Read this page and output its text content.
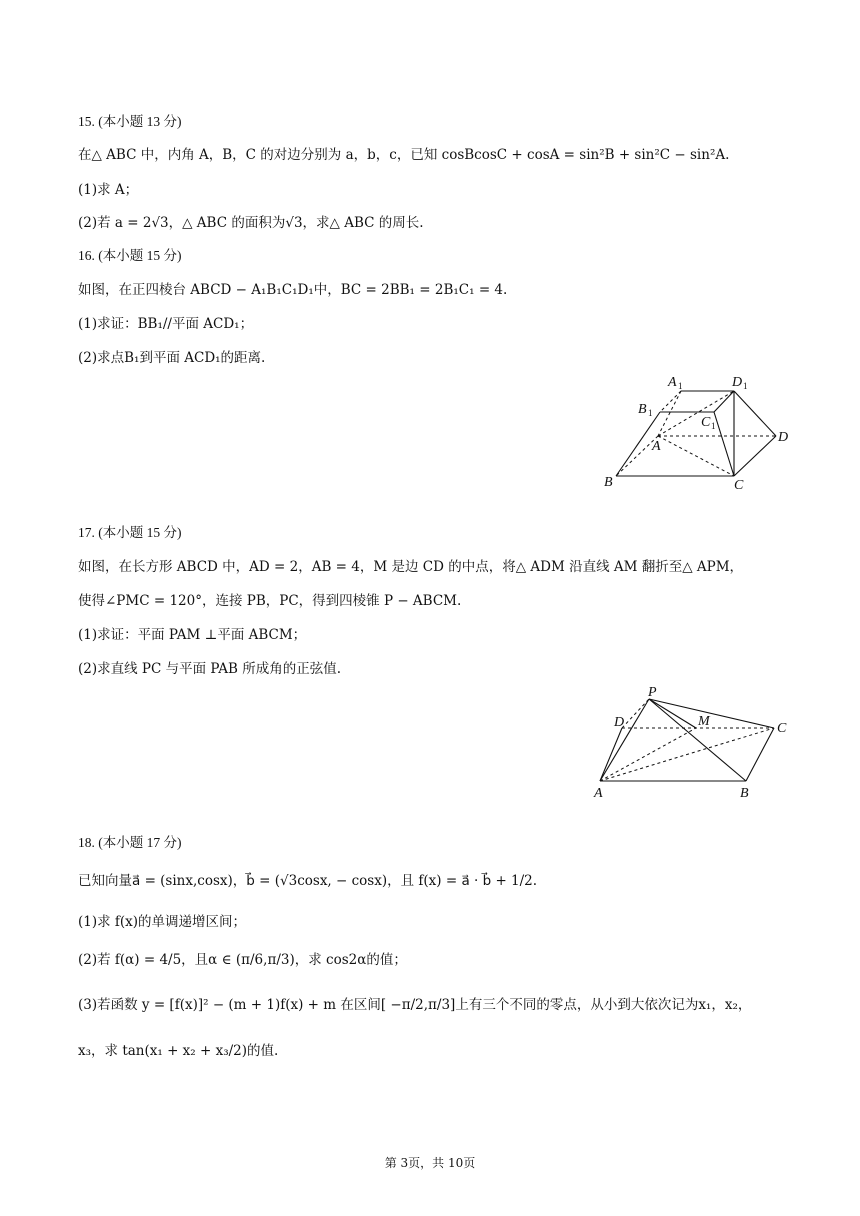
15. (本小题 13 分)
在△ ABC 中，内角 A，B，C 的对边分别为 a，b，c，已知 cosBcosC + cosA = sin²B + sin²C − sin²A.
(1)求 A；
(2)若 a = 2√3，△ ABC 的面积为√3，求△ ABC 的周长.
16. (本小题 15 分)
如图，在正四棱台 ABCD − A₁B₁C₁D₁中，BC = 2BB₁ = 2B₁C₁ = 4.
(1)求证：BB₁//平面 ACD₁；
(2)求点B₁到平面 ACD₁的距离.
A 1	D 1
B 1
C 1
A
D
B	C
17. (本小题 15 分)
如图，在长方形 ABCD 中，AD = 2，AB = 4，M 是边 CD 的中点，将△ ADM 沿直线 AM 翻折至△ APM，
使得∠PMC = 120°，连接 PB，PC，得到四棱锥 P − ABCM.
(1)求证：平面 PAM ⊥平面 ABCM；
(2)求直线 PC 与平面 PAB 所成角的正弦值.
P
D	M	C
A	B
18. (本小题 17 分)
已知向量a⃗ = (sinx,cosx)，b⃗ = (√3cosx, − cosx)，且 f(x) = a⃗ · b⃗ + 1/2.
(1)求 f(x)的单调递增区间；
(2)若 f(α) = 4/5，且α ∈ (π/6,π/3)，求 cos2α的值；
(3)若函数 y = [f(x)]² − (m + 1)f(x) + m 在区间[ −π/2,π/3]上有三个不同的零点，从小到大依次记为x₁，x₂，
x₃，求 tan(x₁ + x₂ + x₃/2)的值.
第 3页，共 10页
